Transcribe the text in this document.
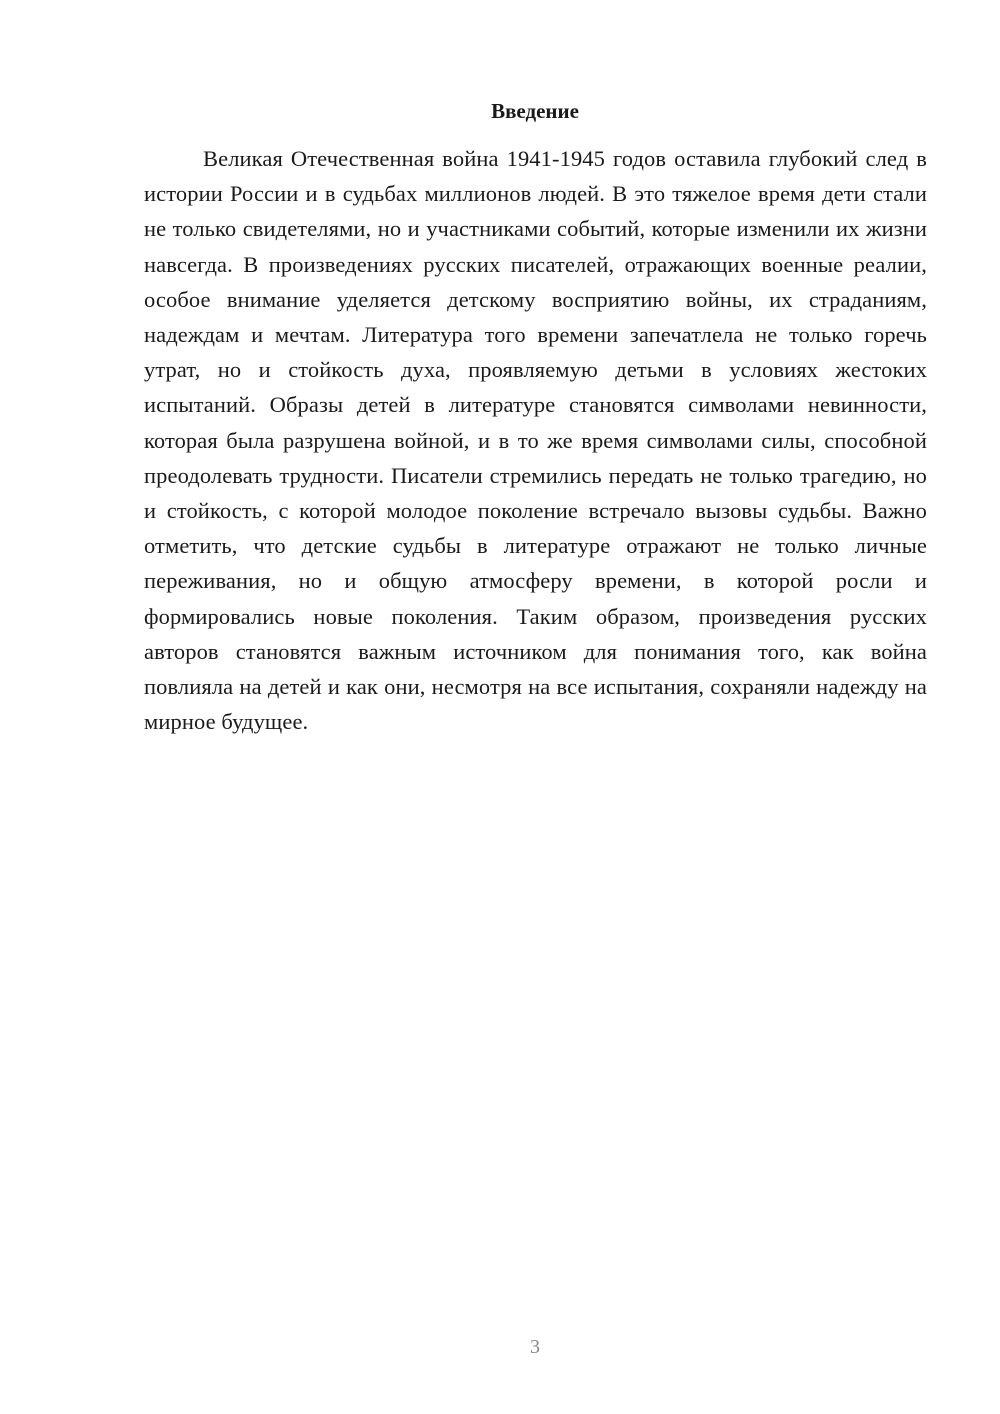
Введение

Великая Отечественная война 1941-1945 годов оставила глубокий след в истории России и в судьбах миллионов людей. В это тяжелое время дети стали не только свидетелями, но и участниками событий, которые изменили их жизни навсегда. В произведениях русских писателей, отражающих военные реалии, особое внимание уделяется детскому восприятию войны, их страданиям, надеждам и мечтам. Литература того времени запечатлела не только горечь утрат, но и стойкость духа, проявляемую детьми в условиях жестоких испытаний. Образы детей в литературе становятся символами невинности, которая была разрушена войной, и в то же время символами силы, способной преодолевать трудности. Писатели стремились передать не только трагедию, но и стойкость, с которой молодое поколение встречало вызовы судьбы. Важно отметить, что детские судьбы в литературе отражают не только личные переживания, но и общую атмосферу времени, в которой росли и формировались новые поколения. Таким образом, произведения русских авторов становятся важным источником для понимания того, как война повлияла на детей и как они, несмотря на все испытания, сохраняли надежду на мирное будущее.

3
